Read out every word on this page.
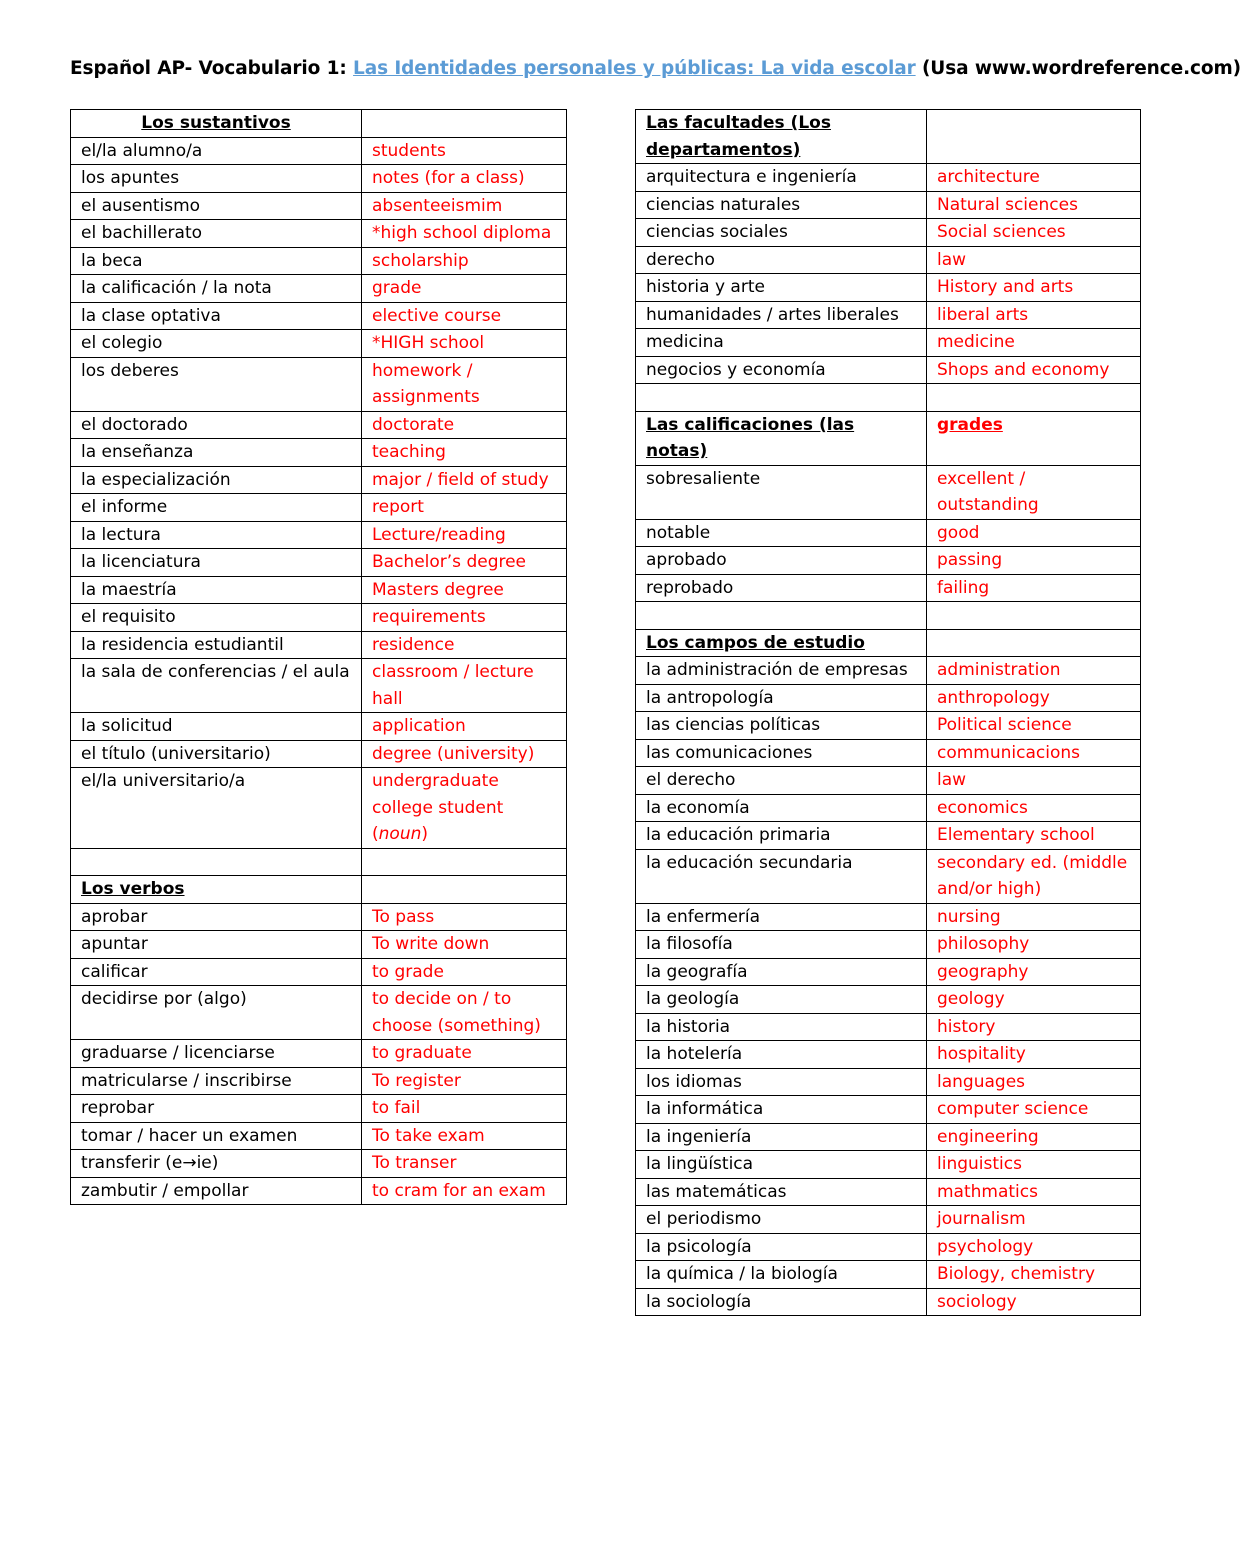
Español AP- Vocabulario 1: Las Identidades personales y públicas: La vida escolar (Usa www.wordreference.com)
Los sustantivos	
el/la alumno/a	students
los apuntes	notes (for a class)
el ausentismo	absenteeismim
el bachillerato	*high school diploma
la beca	scholarship
la calificación / la nota	grade
la clase optativa	elective course
el colegio	*HIGH school
los deberes	homework / assignments
el doctorado	doctorate
la enseñanza	teaching
la especialización	major / field of study
el informe	report
la lectura	Lecture/reading
la licenciatura	Bachelor’s degree
la maestría	Masters degree
el requisito	requirements
la residencia estudiantil	residence
la sala de conferencias / el aula	classroom / lecture hall
la solicitud	application
el título (universitario)	degree (university)
el/la universitario/a	undergraduate college student (noun)

Los verbos	
aprobar	To pass
apuntar	To write down
calificar	to grade
decidirse por (algo)	to decide on / to choose (something)
graduarse / licenciarse	to graduate
matricularse / inscribirse	To register
reprobar	to fail
tomar / hacer un examen	To take exam
transferir (e→ie)	To transer
zambutir / empollar	to cram for an exam
Las facultades (Los departamentos)	
arquitectura e ingeniería	architecture
ciencias naturales	Natural sciences
ciencias sociales	Social sciences
derecho	law
historia y arte	History and arts
humanidades / artes liberales	liberal arts
medicina	medicine
negocios y economía	Shops and economy

Las calificaciones (las notas)	grades
sobresaliente	excellent / outstanding
notable	good
aprobado	passing
reprobado	failing

Los campos de estudio	
la administración de empresas	administration
la antropología	anthropology
las ciencias políticas	Political science
las comunicaciones	communicacions
el derecho	law
la economía	economics
la educación primaria	Elementary school
la educación secundaria	secondary ed. (middle and/or high)
la enfermería	nursing
la filosofía	philosophy
la geografía	geography
la geología	geology
la historia	history
la hotelería	hospitality
los idiomas	languages
la informática	computer science
la ingeniería	engineering
la lingüística	linguistics
las matemáticas	mathmatics
el periodismo	journalism
la psicología	psychology
la química / la biología	Biology, chemistry
la sociología	sociology
